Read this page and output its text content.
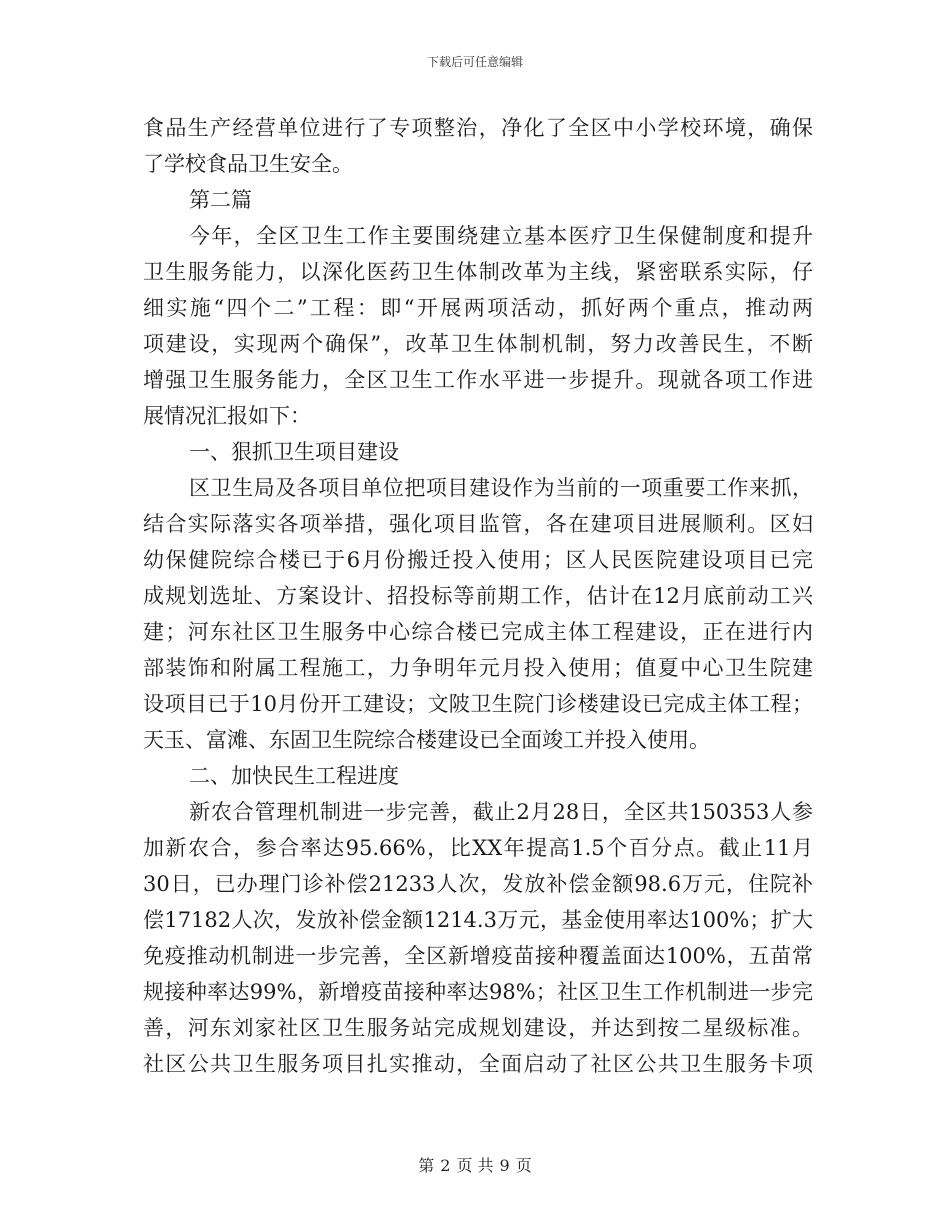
下载后可任意编辑
食品生产经营单位进行了专项整治，净化了全区中小学校环境，确保
了学校食品卫生安全。
第二篇
今年，全区卫生工作主要围绕建立基本医疗卫生保健制度和提升
卫生服务能力，以深化医药卫生体制改革为主线，紧密联系实际，仔
细实施“四个二”工程：即“开展两项活动，抓好两个重点，推动两
项建设，实现两个确保”，改革卫生体制机制，努力改善民生，不断
增强卫生服务能力，全区卫生工作水平进一步提升。现就各项工作进
展情况汇报如下：
一、狠抓卫生项目建设
区卫生局及各项目单位把项目建设作为当前的一项重要工作来抓，
结合实际落实各项举措，强化项目监管，各在建项目进展顺利。区妇
幼保健院综合楼已于6月份搬迁投入使用；区人民医院建设项目已完
成规划选址、方案设计、招投标等前期工作，估计在12月底前动工兴
建；河东社区卫生服务中心综合楼已完成主体工程建设，正在进行内
部装饰和附属工程施工，力争明年元月投入使用；值夏中心卫生院建
设项目已于10月份开工建设；文陂卫生院门诊楼建设已完成主体工程；
天玉、富滩、东固卫生院综合楼建设已全面竣工并投入使用。
二、加快民生工程进度
新农合管理机制进一步完善，截止2月28日，全区共150353人参
加新农合，参合率达95.66%，比XX年提高1.5个百分点。截止11月
30日，已办理门诊补偿21233人次，发放补偿金额98.6万元，住院补
偿17182人次，发放补偿金额1214.3万元，基金使用率达100%；扩大
免疫推动机制进一步完善，全区新增疫苗接种覆盖面达100%，五苗常
规接种率达99%，新增疫苗接种率达98%；社区卫生工作机制进一步完
善，河东刘家社区卫生服务站完成规划建设，并达到按二星级标准。
社区公共卫生服务项目扎实推动，全面启动了社区公共卫生服务卡项
第 2 页 共 9 页
